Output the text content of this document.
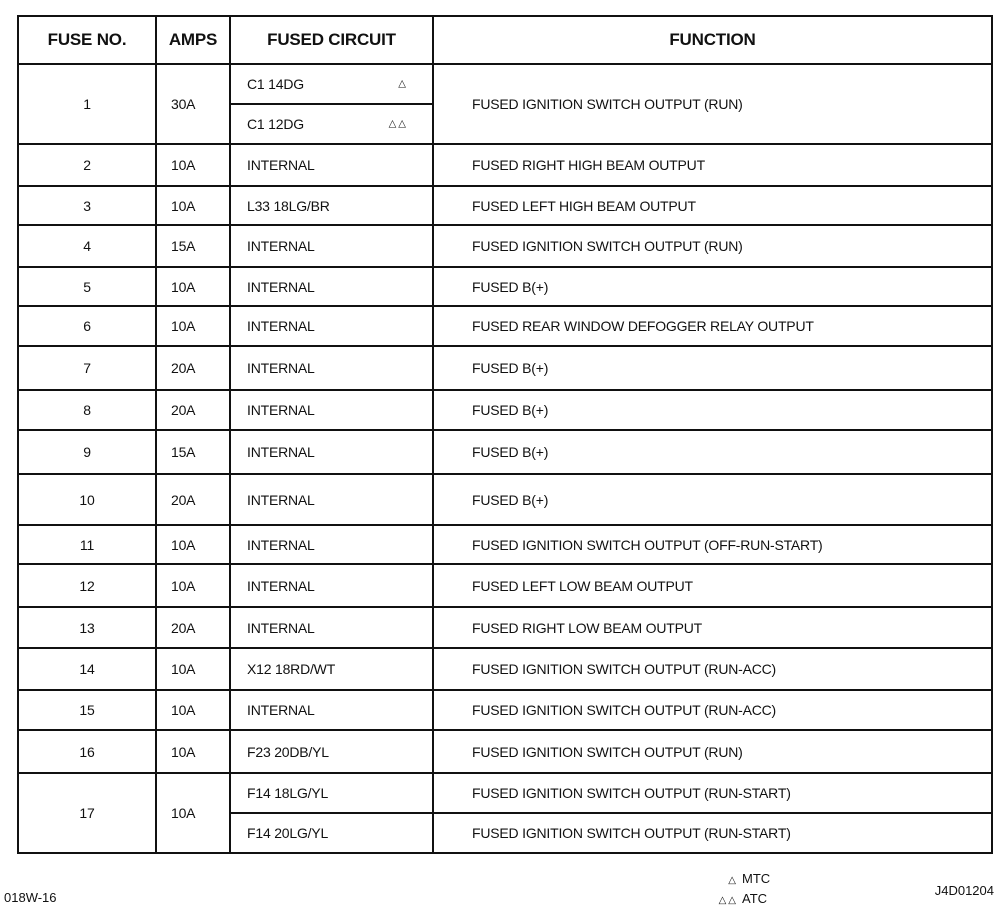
FUSE NO.	AMPS	FUSED CIRCUIT	FUNCTION
1	30A	C1 14DG △	FUSED IGNITION SWITCH OUTPUT (RUN)
		C1 12DG △△	

2	10A	INTERNAL	FUSED RIGHT HIGH BEAM OUTPUT
3	10A	L33 18LG/BR	FUSED LEFT HIGH BEAM OUTPUT
4	15A	INTERNAL	FUSED IGNITION SWITCH OUTPUT (RUN)
5	10A	INTERNAL	FUSED B(+)
6	10A	INTERNAL	FUSED REAR WINDOW DEFOGGER RELAY OUTPUT
7	20A	INTERNAL	FUSED B(+)
8	20A	INTERNAL	FUSED B(+)
9	15A	INTERNAL	FUSED B(+)
10	20A	INTERNAL	FUSED B(+)
11	10A	INTERNAL	FUSED IGNITION SWITCH OUTPUT (OFF-RUN-START)
12	10A	INTERNAL	FUSED LEFT LOW BEAM OUTPUT
13	20A	INTERNAL	FUSED RIGHT LOW BEAM OUTPUT
14	10A	X12 18RD/WT	FUSED IGNITION SWITCH OUTPUT (RUN-ACC)
15	10A	INTERNAL	FUSED IGNITION SWITCH OUTPUT (RUN-ACC)
16	10A	F23 20DB/YL	FUSED IGNITION SWITCH OUTPUT (RUN)
17	10A	F14 18LG/YL	FUSED IGNITION SWITCH OUTPUT (RUN-START)
		F14 20LG/YL	FUSED IGNITION SWITCH OUTPUT (RUN-START)
018W-16
△ MTC
△△ ATC
J4D01204
